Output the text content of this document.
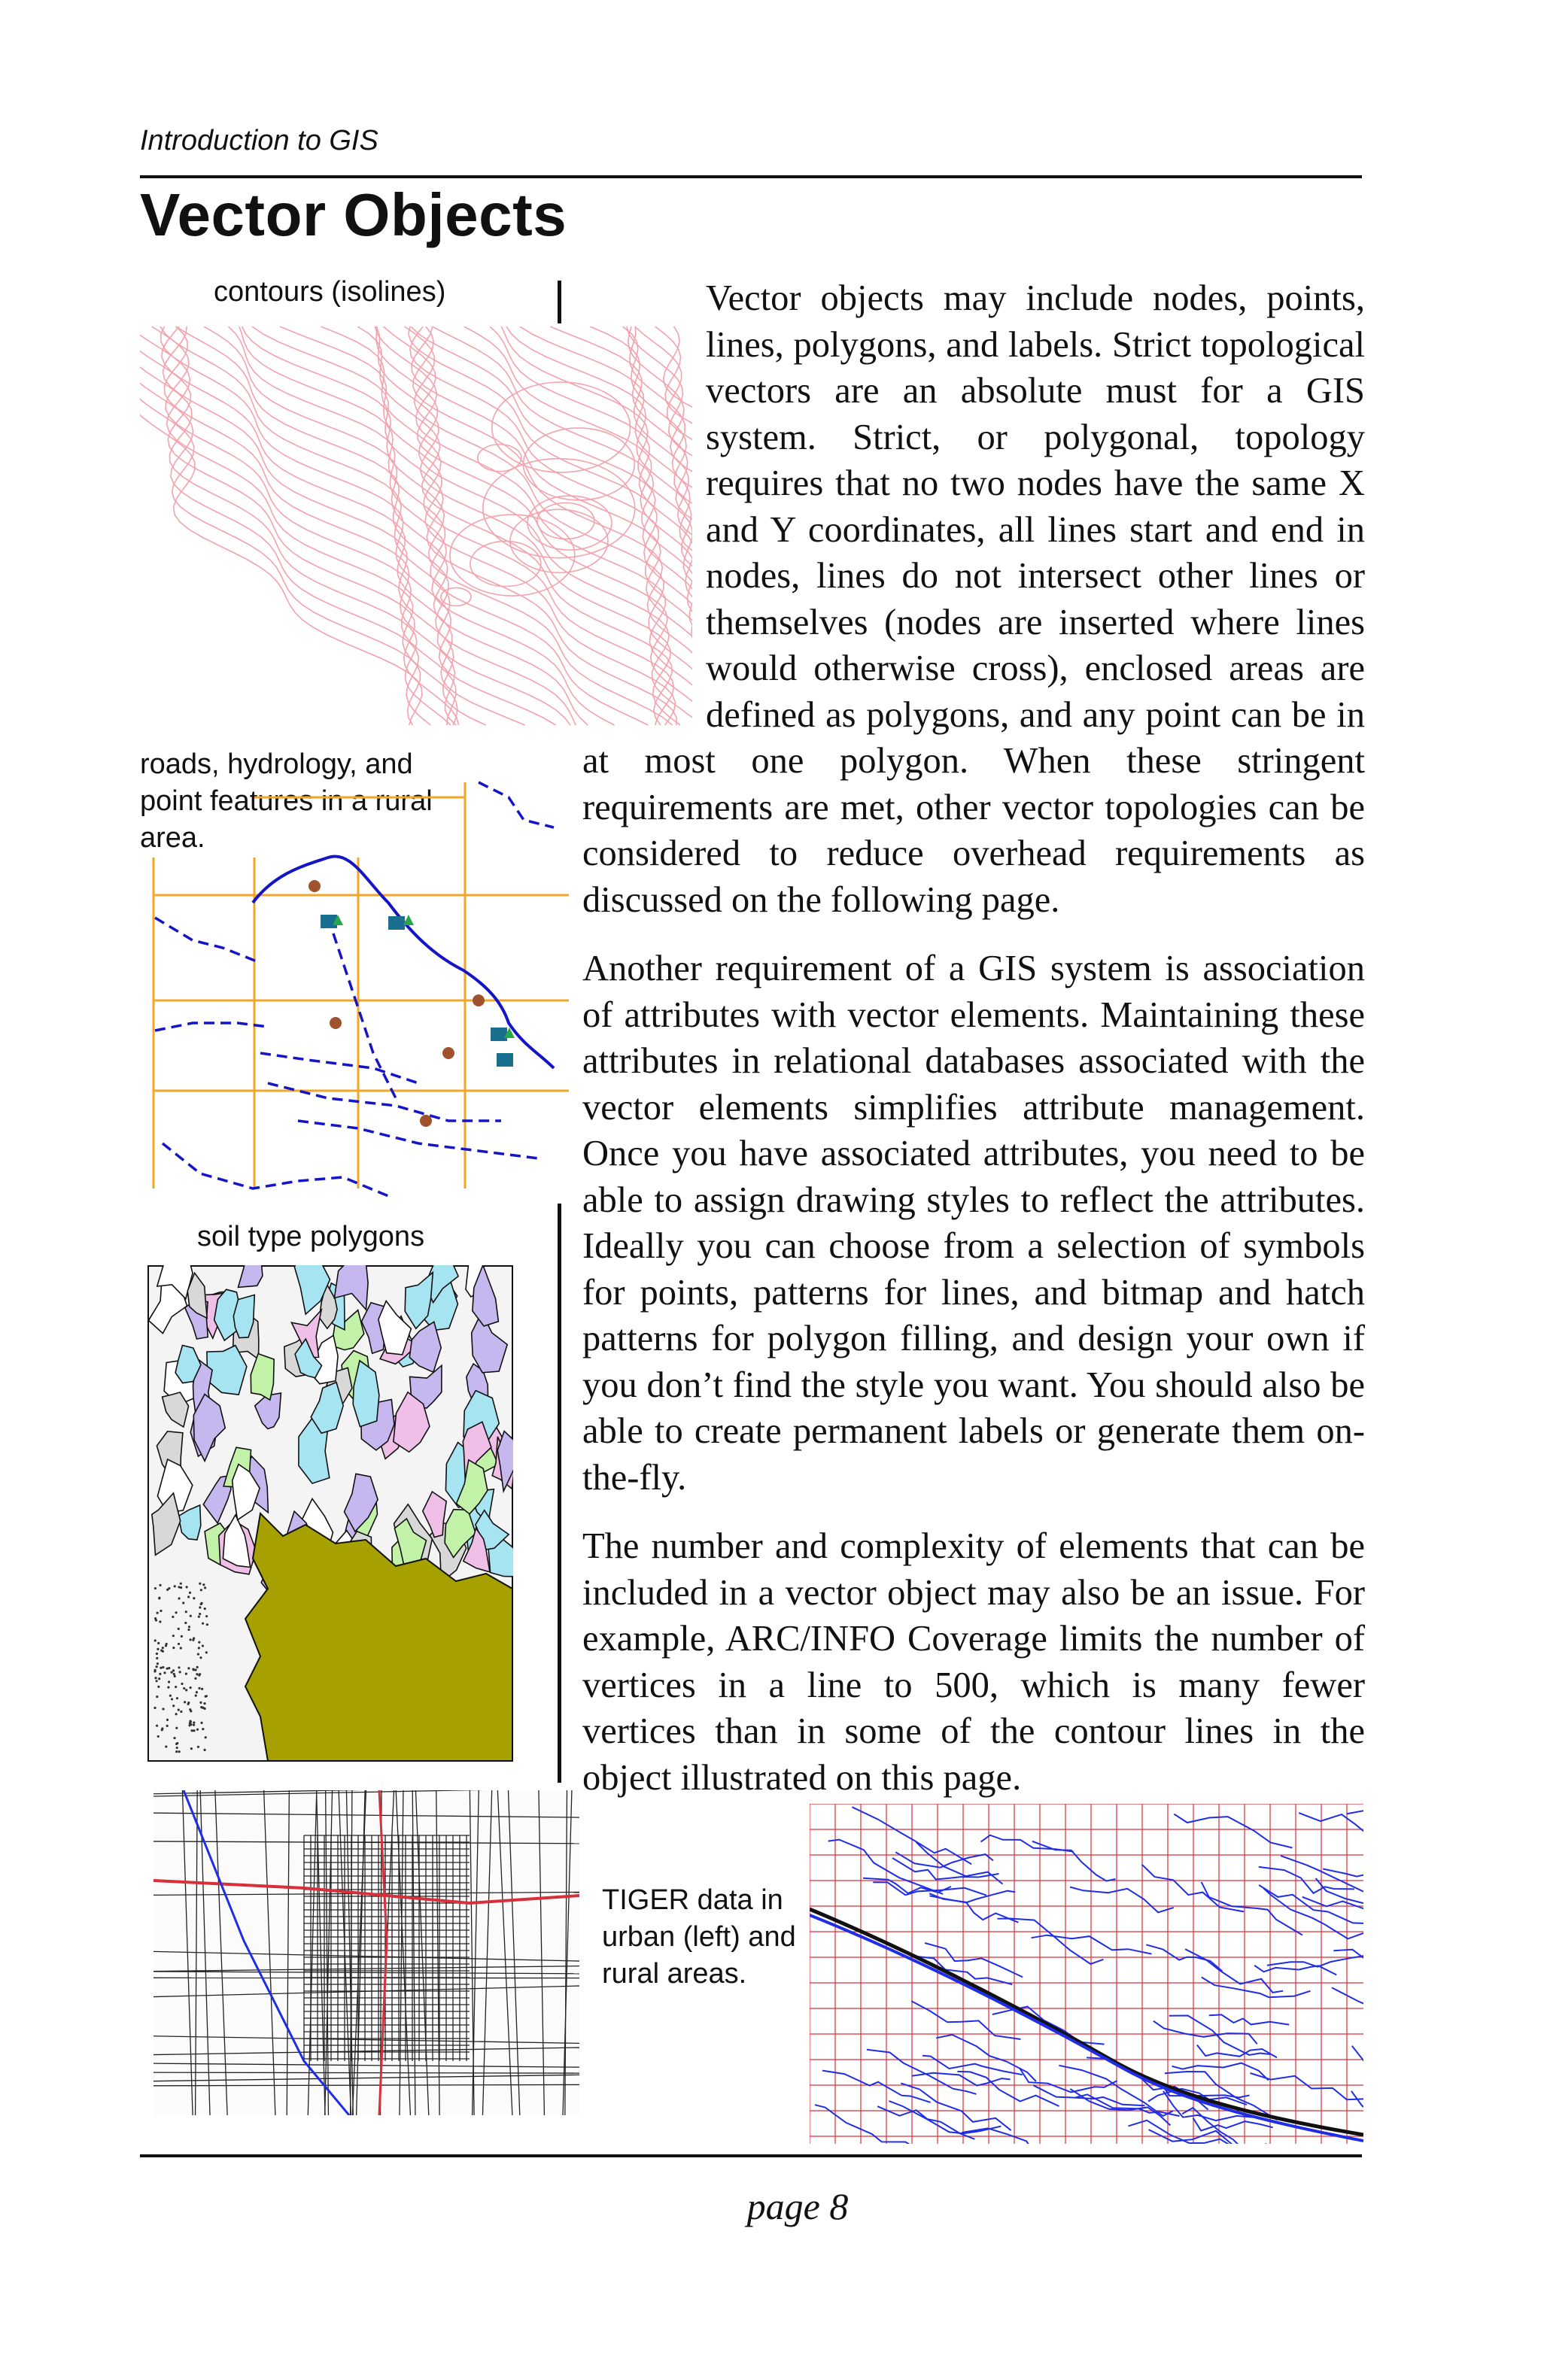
Introduction to GIS
Vector Objects
contours (isolines)
roads, hydrology, and point features in a rural area.
soil type polygons
TIGER data in urban (left) and rural areas.

Vector objects may include nodes, points, lines, polygons, and labels. Strict topological vectors are an absolute must for a GIS system. Strict, or polygonal, topology requires that no two nodes have the same X and Y coordinates, all lines start and end in nodes, lines do not intersect other lines or themselves (nodes are inserted where lines would otherwise cross), enclosed areas are defined as polygons, and any point can be in at most one polygon. When these stringent requirements are met, other vector topologies can be considered to reduce overhead requirements as discussed on the following page.

Another requirement of a GIS system is association of attributes with vector elements. Maintaining these attributes in relational databases associated with the vector elements simplifies attribute management. Once you have associated attributes, you need to be able to assign drawing styles to reflect the attributes. Ideally you can choose from a selection of symbols for points, patterns for lines, and bitmap and hatch patterns for polygon filling, and design your own if you don’t find the style you want. You should also be able to create permanent labels or generate them on-the-fly.

The number and complexity of elements that can be included in a vector object may also be an issue. For example, ARC/INFO Coverage limits the number of vertices in a line to 500, which is many fewer vertices than in some of the contour lines in the object illustrated on this page.

page 8
